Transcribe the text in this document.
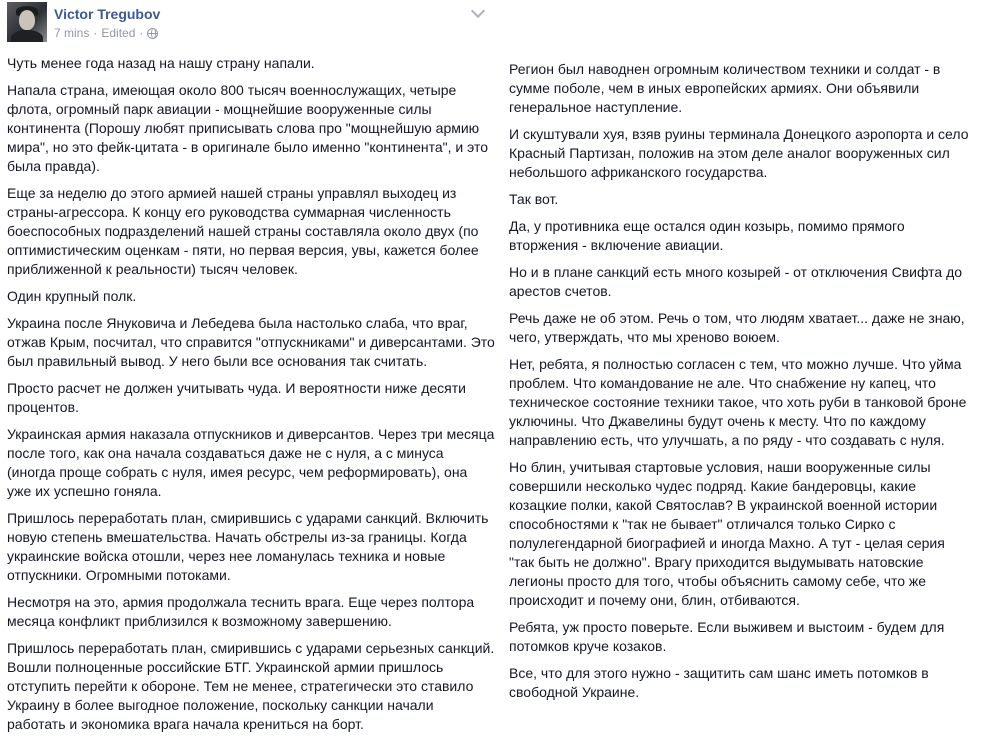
Victor Tregubov
7 mins · Edited ·

Чуть менее года назад на нашу страну напали.

Напала страна, имеющая около 800 тысяч военнослужащих, четыре флота, огромный парк авиации - мощнейшие вооруженные силы континента (Порошу любят приписывать слова про "мощнейшую армию мира", но это фейк-цитата - в оригинале было именно "континента", и это была правда).

Еще за неделю до этого армией нашей страны управлял выходец из страны-агрессора. К концу его руководства суммарная численность боеспособных подразделений нашей страны составляла около двух (по оптимистическим оценкам - пяти, но первая версия, увы, кажется более приближенной к реальности) тысяч человек.

Один крупный полк.

Украина после Януковича и Лебедева была настолько слаба, что враг, отжав Крым, посчитал, что справится "отпускниками" и диверсантами. Это был правильный вывод. У него были все основания так считать.

Просто расчет не должен учитывать чуда. И вероятности ниже десяти процентов.

Украинская армия наказала отпускников и диверсантов. Через три месяца после того, как она начала создаваться даже не с нуля, а с минуса (иногда проще собрать с нуля, имея ресурс, чем реформировать), она уже их успешно гоняла.

Пришлось переработать план, смирившись с ударами санкций. Включить новую степень вмешательства. Начать обстрелы из-за границы. Когда украинские войска отошли, через нее ломанулась техника и новые отпускники. Огромными потоками.

Несмотря на это, армия продолжала теснить врага. Еще через полтора месяца конфликт приблизился к возможному завершению.

Пришлось переработать план, смирившись с ударами серьезных санкций. Вошли полноценные российские БТГ. Украинской армии пришлось отступить перейти к обороне. Тем не менее, стратегически это ставило Украину в более выгодное положение, поскольку санкции начали работать и экономика врага начала крениться на борт.

Регион был наводнен огромным количеством техники и солдат - в сумме поболе, чем в иных европейских армиях. Они объявили генеральное наступление.

И скуштували хуя, взяв руины терминала Донецкого аэропорта и село Красный Партизан, положив на этом деле аналог вооруженных сил небольшого африканского государства.

Так вот.

Да, у противника еще остался один козырь, помимо прямого вторжения - включение авиации.

Но и в плане санкций есть много козырей - от отключения Свифта до арестов счетов.

Речь даже не об этом. Речь о том, что людям хватает... даже не знаю, чего, утверждать, что мы хреново воюем.

Нет, ребята, я полностью согласен с тем, что можно лучше. Что уйма проблем. Что командование не але. Что снабжение ну капец, что техническое состояние техники такое, что хоть руби в танковой броне уключины. Что Джавелины будут очень к месту. Что по каждому направлению есть, что улучшать, а по ряду - что создавать с нуля.

Но блин, учитывая стартовые условия, наши вооруженные силы совершили несколько чудес подряд. Какие бандеровцы, какие козацкие полки, какой Святослав? В украинской военной истории способностями к "так не бывает" отличался только Сирко с полулегендарной биографией и иногда Махно. А тут - целая серия "так быть не должно". Врагу приходится выдумывать натовские легионы просто для того, чтобы объяснить самому себе, что же происходит и почему они, блин, отбиваются.

Ребята, уж просто поверьте. Если выживем и выстоим - будем для потомков круче козаков.

Все, что для этого нужно - защитить сам шанс иметь потомков в свободной Украине.
